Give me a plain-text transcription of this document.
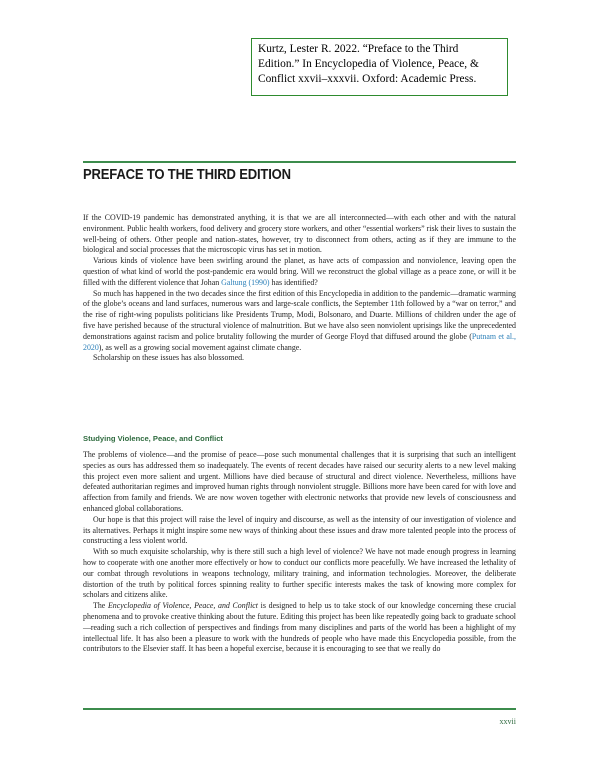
Kurtz, Lester R. 2022. “Preface to the Third Edition.” In Encyclopedia of Violence, Peace, & Conflict xxvii–xxxvii. Oxford: Academic Press.
PREFACE TO THE THIRD EDITION

If the COVID-19 pandemic has demonstrated anything, it is that we are all interconnected—with each other and with the natural environment. Public health workers, food delivery and grocery store workers, and other “essential workers” risk their lives to sustain the well-being of others. Other people and nation–states, however, try to disconnect from others, acting as if they are immune to the biological and social processes that the microscopic virus has set in motion.

Various kinds of violence have been swirling around the planet, as have acts of compassion and nonviolence, leaving open the question of what kind of world the post-pandemic era would bring. Will we reconstruct the global village as a peace zone, or will it be filled with the different violence that Johan Galtung (1990) has identified?

So much has happened in the two decades since the first edition of this Encyclopedia in addition to the pandemic—dramatic warming of the globe’s oceans and land surfaces, numerous wars and large-scale conflicts, the September 11th followed by a “war on terror,” and the rise of right-wing populists politicians like Presidents Trump, Modi, Bolsonaro, and Duarte. Millions of children under the age of five have perished because of the structural violence of malnutrition. But we have also seen nonviolent uprisings like the unprecedented demonstrations against racism and police brutality following the murder of George Floyd that diffused around the globe (Putnam et al., 2020), as well as a growing social movement against climate change.

Scholarship on these issues has also blossomed.

Studying Violence, Peace, and Conflict

The problems of violence—and the promise of peace—pose such monumental challenges that it is surprising that such an intelligent species as ours has addressed them so inadequately. The events of recent decades have raised our security alerts to a new level making this project even more salient and urgent. Millions have died because of structural and direct violence. Nevertheless, millions have defeated authoritarian regimes and improved human rights through nonviolent struggle. Billions more have been cared for with love and affection from family and friends. We are now woven together with electronic networks that provide new levels of consciousness and enhanced global collaborations.

Our hope is that this project will raise the level of inquiry and discourse, as well as the intensity of our investigation of violence and its alternatives. Perhaps it might inspire some new ways of thinking about these issues and draw more talented people into the process of constructing a less violent world.

With so much exquisite scholarship, why is there still such a high level of violence? We have not made enough progress in learning how to cooperate with one another more effectively or how to conduct our conflicts more peacefully. We have increased the lethality of our combat through revolutions in weapons technology, military training, and information technologies. Moreover, the deliberate distortion of the truth by political forces spinning reality to further specific interests makes the task of knowing more complex for scholars and citizens alike.

The Encyclopedia of Violence, Peace, and Conflict is designed to help us to take stock of our knowledge concerning these crucial phenomena and to provoke creative thinking about the future. Editing this project has been like repeatedly going back to graduate school—reading such a rich collection of perspectives and findings from many disciplines and parts of the world has been a highlight of my intellectual life. It has also been a pleasure to work with the hundreds of people who have made this Encyclopedia possible, from the contributors to the Elsevier staff. It has been a hopeful exercise, because it is encouraging to see that we really do

xxvii
